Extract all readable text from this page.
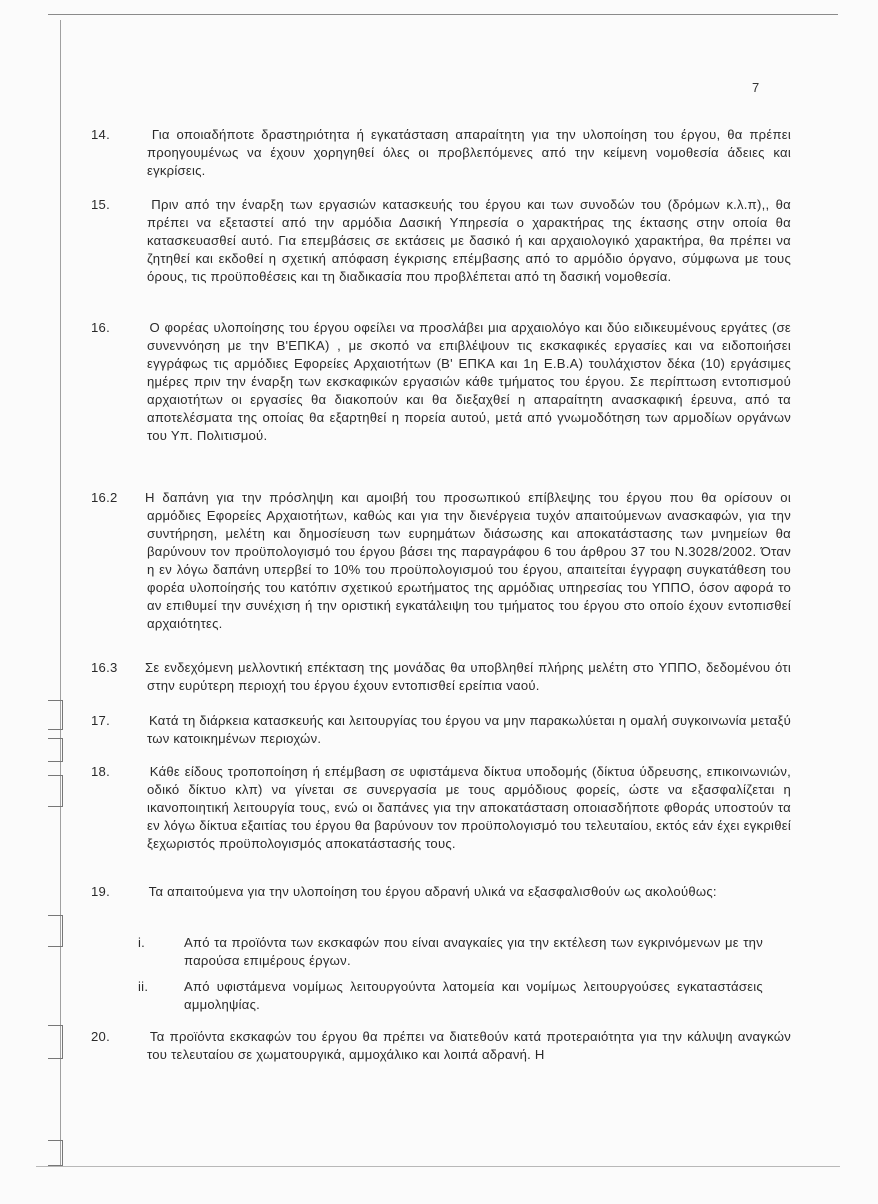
7
14.	Για οποιαδήποτε δραστηριότητα ή εγκατάσταση απαραίτητη για την υλοποίηση του έργου, θα πρέπει προηγουμένως να έχουν χορηγηθεί όλες οι προβλεπόμενες από την κείμενη νομοθεσία άδειες και εγκρίσεις.
15.	Πριν από την έναρξη των εργασιών κατασκευής του έργου και των συνοδών του (δρόμων κ.λ.π),, θα πρέπει να εξεταστεί από την αρμόδια Δασική Υπηρεσία ο χαρακτήρας της έκτασης στην οποία θα κατασκευασθεί αυτό. Για επεμβάσεις σε εκτάσεις με δασικό ή και αρχαιολογικό χαρακτήρα, θα πρέπει να ζητηθεί και εκδοθεί η σχετική απόφαση έγκρισης επέμβασης από το αρμόδιο όργανο, σύμφωνα με τους όρους, τις προϋποθέσεις και τη διαδικασία που προβλέπεται από τη δασική νομοθεσία.
16.	Ο φορέας υλοποίησης του έργου οφείλει να προσλάβει μια αρχαιολόγο και δύο ειδικευμένους εργάτες (σε συνεννόηση με την Β'ΕΠΚΑ) , με σκοπό να επιβλέψουν τις εκσκαφικές εργασίες και να ειδοποιήσει εγγράφως τις αρμόδιες Εφορείες Αρχαιοτήτων (Β' ΕΠΚΑ και 1η Ε.Β.Α) τουλάχιστον δέκα (10) εργάσιμες ημέρες πριν την έναρξη των εκσκαφικών εργασιών κάθε τμήματος του έργου. Σε περίπτωση εντοπισμού αρχαιοτήτων οι εργασίες θα διακοπούν και θα διεξαχθεί η απαραίτητη ανασκαφική έρευνα, από τα αποτελέσματα της οποίας θα εξαρτηθεί η πορεία αυτού, μετά από γνωμοδότηση των αρμοδίων οργάνων του Υπ. Πολιτισμού.
16.2 Η δαπάνη για την πρόσληψη και αμοιβή του προσωπικού επίβλεψης του έργου που θα ορίσουν οι αρμόδιες Εφορείες Αρχαιοτήτων, καθώς και για την διενέργεια τυχόν απαιτούμενων ανασκαφών, για την συντήρηση, μελέτη και δημοσίευση των ευρημάτων διάσωσης και αποκατάστασης των μνημείων θα βαρύνουν τον προϋπολογισμό του έργου βάσει της παραγράφου 6 του άρθρου 37 του Ν.3028/2002. Όταν η εν λόγω δαπάνη υπερβεί το 10% του προϋπολογισμού του έργου, απαιτείται έγγραφη συγκατάθεση του φορέα υλοποίησής του κατόπιν σχετικού ερωτήματος της αρμόδιας υπηρεσίας του ΥΠΠΟ, όσον αφορά το αν επιθυμεί την συνέχιση ή την οριστική εγκατάλειψη του τμήματος του έργου στο οποίο έχουν εντοπισθεί αρχαιότητες.
16.3 Σε ενδεχόμενη μελλοντική επέκταση της μονάδας θα υποβληθεί πλήρης μελέτη στο ΥΠΠΟ, δεδομένου ότι στην ευρύτερη περιοχή του έργου έχουν εντοπισθεί ερείπια ναού.
17.	Κατά τη διάρκεια κατασκευής και λειτουργίας του έργου να μην παρακωλύεται η ομαλή συγκοινωνία μεταξύ των κατοικημένων περιοχών.
18.	Κάθε είδους τροποποίηση ή επέμβαση σε υφιστάμενα δίκτυα υποδομής (δίκτυα ύδρευσης, επικοινωνιών, οδικό δίκτυο κλπ) να γίνεται σε συνεργασία με τους αρμόδιους φορείς, ώστε να εξασφαλίζεται η ικανοποιητική λειτουργία τους, ενώ οι δαπάνες για την αποκατάσταση οποιασδήποτε φθοράς υποστούν τα εν λόγω δίκτυα εξαιτίας του έργου θα βαρύνουν τον προϋπολογισμό του τελευταίου, εκτός εάν έχει εγκριθεί ξεχωριστός προϋπολογισμός αποκατάστασής τους.
19.	Τα απαιτούμενα για την υλοποίηση του έργου αδρανή υλικά να εξασφαλισθούν ως ακολούθως:
i.	Από τα προϊόντα των εκσκαφών που είναι αναγκαίες για την εκτέλεση των εγκρινόμενων με την παρούσα επιμέρους έργων.
ii.	Από υφιστάμενα νομίμως λειτουργούντα λατομεία και νομίμως λειτουργούσες εγκαταστάσεις αμμοληψίας.
20.	Τα προϊόντα εκσκαφών του έργου θα πρέπει να διατεθούν κατά προτεραιότητα για την κάλυψη αναγκών του τελευταίου σε χωματουργικά, αμμοχάλικο και λοιπά αδρανή. Η
